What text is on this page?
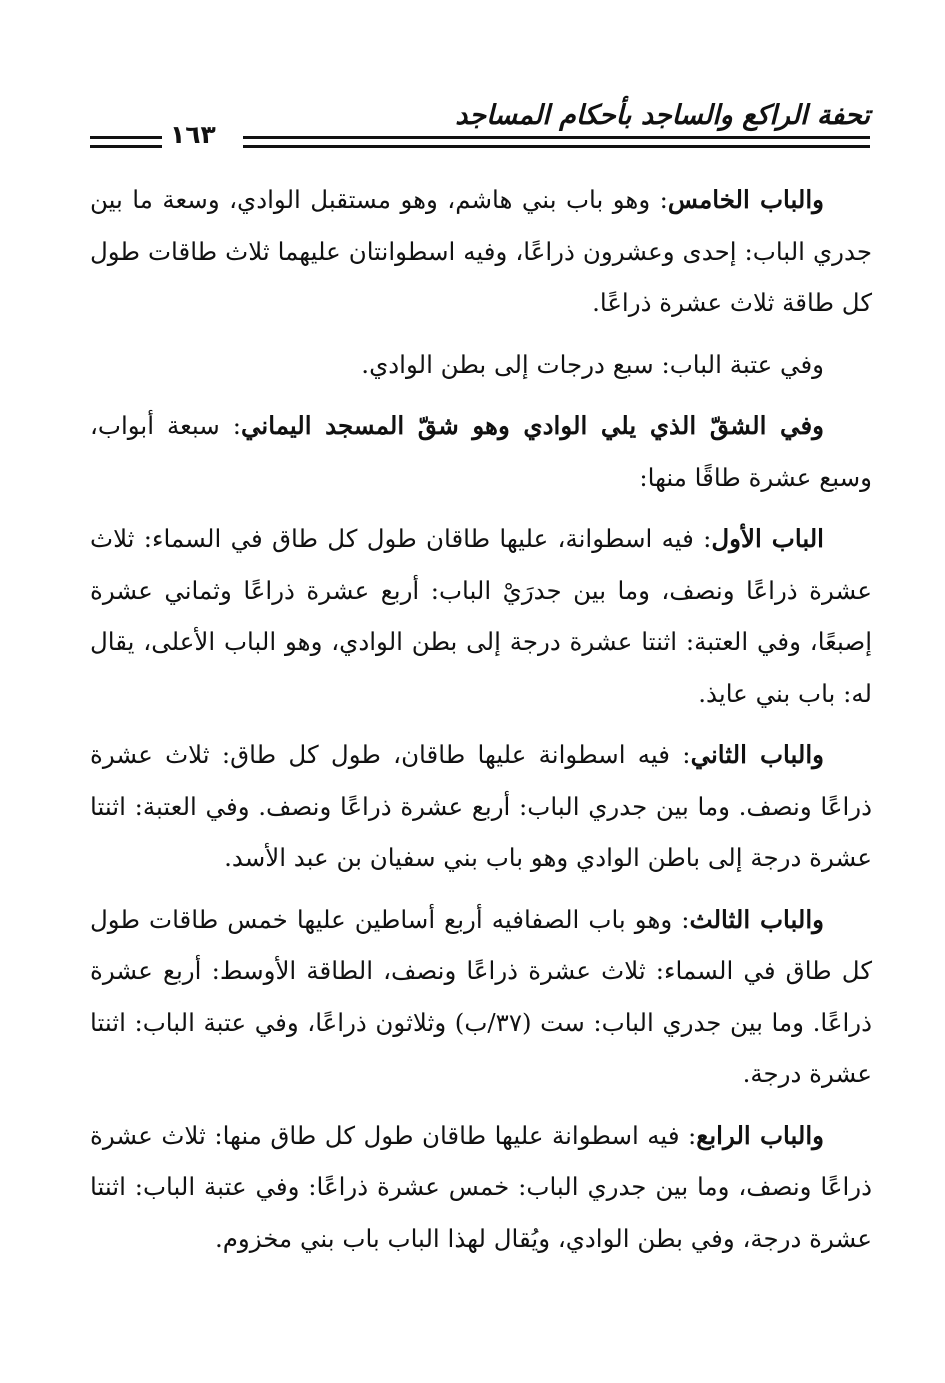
تحفة الراكع والساجد بأحكام المساجد
١٦٣

والباب الخامس: وهو باب بني هاشم، وهو مستقبل الوادي، وسعة ما بين جدري الباب: إحدى وعشرون ذراعًا، وفيه اسطوانتان عليهما ثلاث طاقات طول كل طاقة ثلاث عشرة ذراعًا.

وفي عتبة الباب: سبع درجات إلى بطن الوادي.

وفي الشقّ الذي يلي الوادي وهو شقّ المسجد اليماني: سبعة أبواب، وسبع عشرة طاقًا منها:

الباب الأول: فيه اسطوانة، عليها طاقان طول كل طاق في السماء: ثلاث عشرة ذراعًا ونصف، وما بين جدرَيْ الباب: أربع عشرة ذراعًا وثماني عشرة إصبعًا، وفي العتبة: اثنتا عشرة درجة إلى بطن الوادي، وهو الباب الأعلى، يقال له: باب بني عايذ.

والباب الثاني: فيه اسطوانة عليها طاقان، طول كل طاق: ثلاث عشرة ذراعًا ونصف. وما بين جدري الباب: أربع عشرة ذراعًا ونصف. وفي العتبة: اثنتا عشرة درجة إلى باطن الوادي وهو باب بني سفيان بن عبد الأسد.

والباب الثالث: وهو باب الصفافيه أربع أساطين عليها خمس طاقات طول كل طاق في السماء: ثلاث عشرة ذراعًا ونصف، الطاقة الأوسط: أربع عشرة ذراعًا. وما بين جدري الباب: ست (٣٧/ب) وثلاثون ذراعًا، وفي عتبة الباب: اثنتا عشرة درجة.

والباب الرابع: فيه اسطوانة عليها طاقان طول كل طاق منها: ثلاث عشرة ذراعًا ونصف، وما بين جدري الباب: خمس عشرة ذراعًا: وفي عتبة الباب: اثنتا عشرة درجة، وفي بطن الوادي، ويُقال لهذا الباب باب بني مخزوم.
